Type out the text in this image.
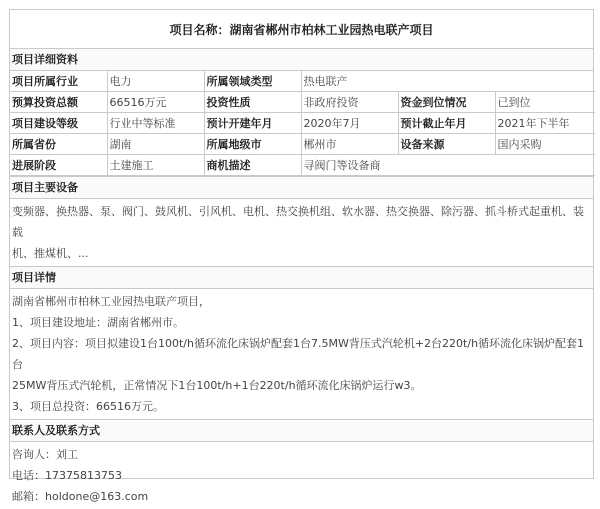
项目名称：湖南省郴州市柏林工业园热电联产项目
项目详细资料
项目所属行业	电力	所属领域类型	热电联产		
预算投资总额	66516万元	投资性质	非政府投资	资金到位情况	已到位
项目建设等级	行业中等标准	预计开建年月	2020年7月	预计截止年月	2021年下半年
所属省份	湖南	所属地级市	郴州市	设备来源	国内采购
进展阶段	土建施工	商机描述	寻阀门等设备商		
项目主要设备

变频器、换热器、泵、阀门、鼓风机、引风机、电机、热交换机组、软水器、热交换器、除污器、抓斗桥式起重机、装载

机、推煤机、...

项目详情

湖南省郴州市柏林工业园热电联产项目，

1、项目建设地址：湖南省郴州市。

2、项目内容：项目拟建设1台100t/h循环流化床锅炉配套1台7.5MW背压式汽轮机+2台220t/h循环流化床锅炉配套1台

25MW背压式汽轮机，正常情况下1台100t/h+1台220t/h循环流化床锅炉运行w3。

3、项目总投资：66516万元。

联系人及联系方式

咨询人：刘工

电话：17375813753

邮箱：holdone@163.com
